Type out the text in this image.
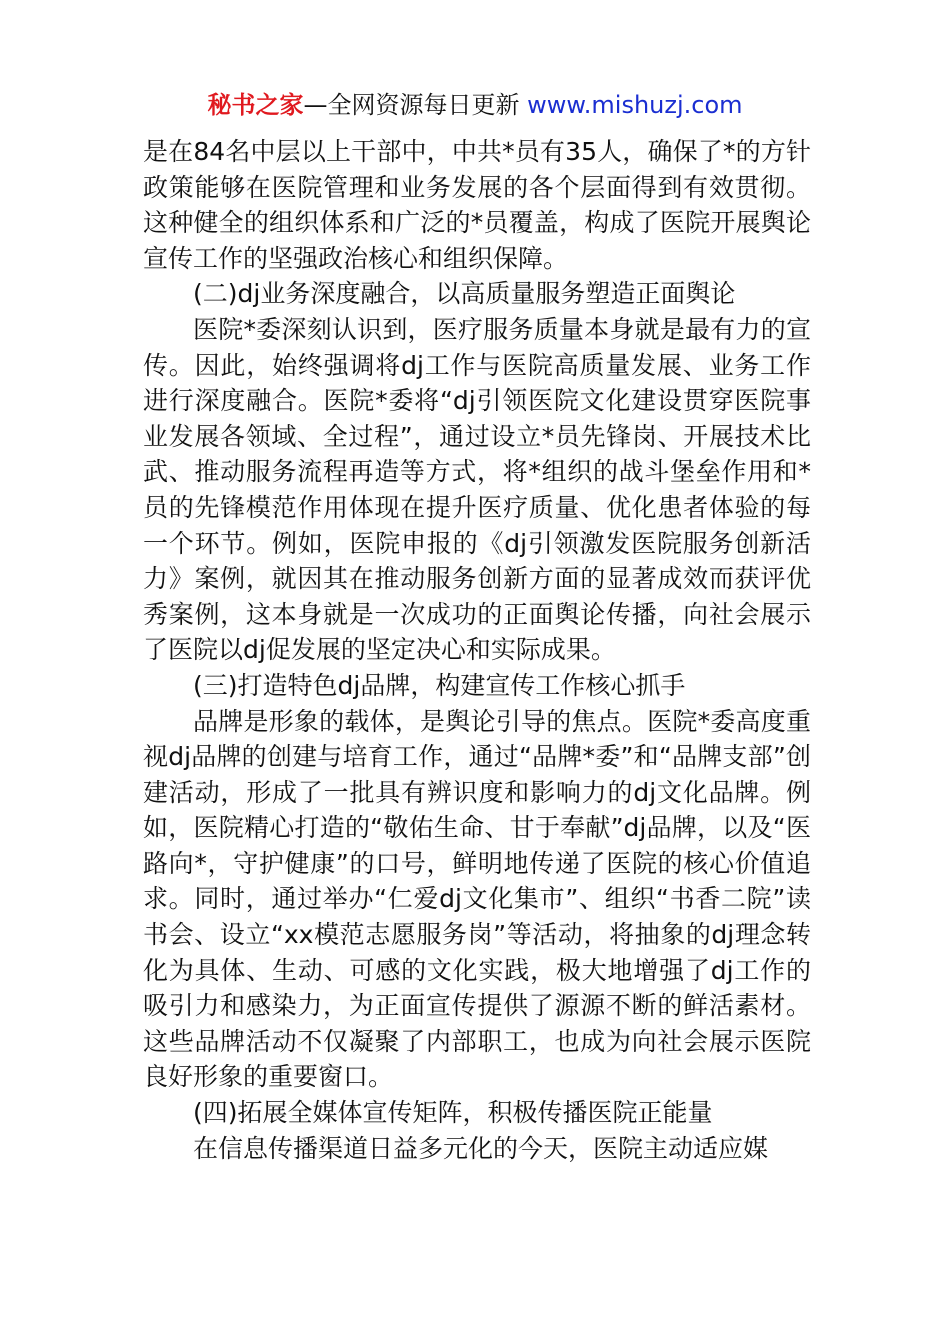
秘书之家—全网资源每日更新 www.mishuzj.com

是在84名中层以上干部中，中共*员有35人，确保了*的方针政策能够在医院管理和业务发展的各个层面得到有效贯彻。这种健全的组织体系和广泛的*员覆盖，构成了医院开展舆论宣传工作的坚强政治核心和组织保障。

(二)dj业务深度融合，以高质量服务塑造正面舆论

医院*委深刻认识到，医疗服务质量本身就是最有力的宣传。因此，始终强调将dj工作与医院高质量发展、业务工作进行深度融合。医院*委将“dj引领医院文化建设贯穿医院事业发展各领域、全过程”，通过设立*员先锋岗、开展技术比武、推动服务流程再造等方式，将*组织的战斗堡垒作用和*员的先锋模范作用体现在提升医疗质量、优化患者体验的每一个环节。例如，医院申报的《dj引领激发医院服务创新活力》案例，就因其在推动服务创新方面的显著成效而获评优秀案例，这本身就是一次成功的正面舆论传播，向社会展示了医院以dj促发展的坚定决心和实际成果。

(三)打造特色dj品牌，构建宣传工作核心抓手

品牌是形象的载体，是舆论引导的焦点。医院*委高度重视dj品牌的创建与培育工作，通过“品牌*委”和“品牌支部”创建活动，形成了一批具有辨识度和影响力的dj文化品牌。例如，医院精心打造的“敬佑生命、甘于奉献”dj品牌，以及“医路向*，守护健康”的口号，鲜明地传递了医院的核心价值追求。同时，通过举办“仁爱dj文化集市”、组织“书香二院”读书会、设立“xx模范志愿服务岗”等活动，将抽象的dj理念转化为具体、生动、可感的文化实践，极大地增强了dj工作的吸引力和感染力，为正面宣传提供了源源不断的鲜活素材。这些品牌活动不仅凝聚了内部职工，也成为向社会展示医院良好形象的重要窗口。

(四)拓展全媒体宣传矩阵，积极传播医院正能量

在信息传播渠道日益多元化的今天，医院主动适应媒
